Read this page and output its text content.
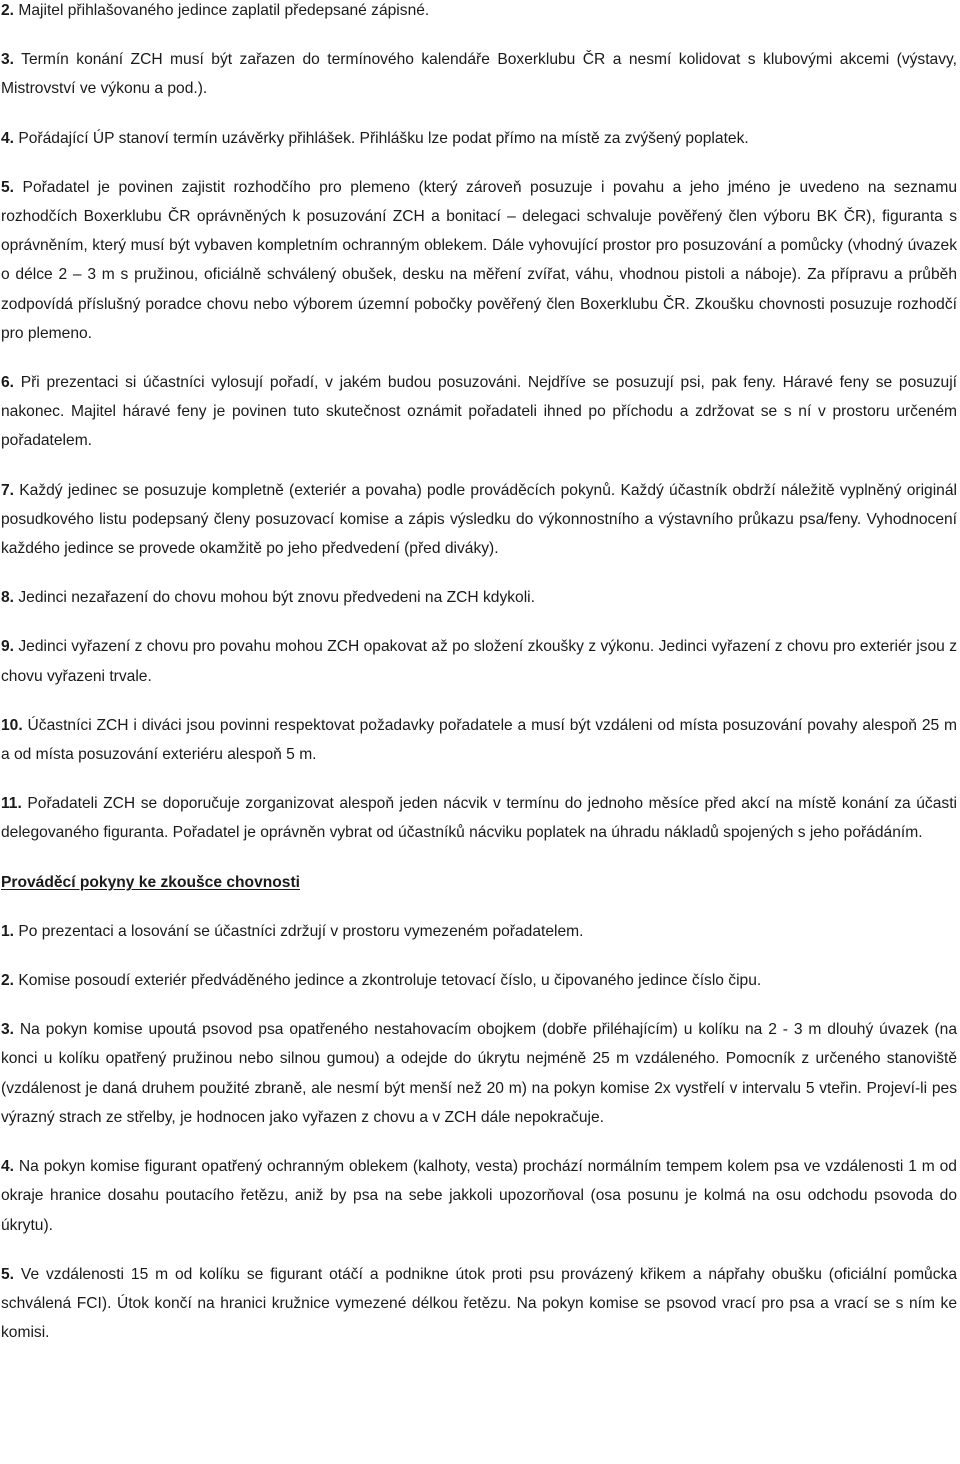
2. Majitel přihlašovaného jedince zaplatil předepsané zápisné.

3. Termín konání ZCH musí být zařazen do termínového kalendáře Boxerklubu ČR a nesmí kolidovat s klubovými akcemi (výstavy, Mistrovství ve výkonu a pod.).

4. Pořádající ÚP stanoví termín uzávěrky přihlášek. Přihlášku lze podat přímo na místě za zvýšený poplatek.

5. Pořadatel je povinen zajistit rozhodčího pro plemeno (který zároveň posuzuje i povahu a jeho jméno je uvedeno na seznamu rozhodčích Boxerklubu ČR oprávněných k posuzování ZCH a bonitací – delegaci schvaluje pověřený člen výboru BK ČR), figuranta s oprávněním, který musí být vybaven kompletním ochranným oblekem. Dále vyhovující prostor pro posuzování a pomůcky (vhodný úvazek o délce 2 – 3 m s pružinou, oficiálně schválený obušek, desku na měření zvířat, váhu, vhodnou pistoli a náboje). Za přípravu a průběh zodpovídá příslušný poradce chovu nebo výborem územní pobočky pověřený člen Boxerklubu ČR. Zkoušku chovnosti posuzuje rozhodčí pro plemeno.

6. Při prezentaci si účastníci vylosují pořadí, v jakém budou posuzováni. Nejdříve se posuzují psi, pak feny. Háravé feny se posuzují nakonec. Majitel háravé feny je povinen tuto skutečnost oznámit pořadateli ihned po příchodu a zdržovat se s ní v prostoru určeném pořadatelem.

7. Každý jedinec se posuzuje kompletně (exteriér a povaha) podle prováděcích pokynů. Každý účastník obdrží náležitě vyplněný originál posudkového listu podepsaný členy posuzovací komise a zápis výsledku do výkonnostního a výstavního průkazu psa/feny. Vyhodnocení každého jedince se provede okamžitě po jeho předvedení (před diváky).

8. Jedinci nezařazení do chovu mohou být znovu předvedeni na ZCH kdykoli.

9. Jedinci vyřazení z chovu pro povahu mohou ZCH opakovat až po složení zkoušky z výkonu. Jedinci vyřazení z chovu pro exteriér jsou z chovu vyřazeni trvale.

10. Účastníci ZCH i diváci jsou povinni respektovat požadavky pořadatele a musí být vzdáleni od místa posuzování povahy alespoň 25 m a od místa posuzování exteriéru alespoň 5 m.

11. Pořadateli ZCH se doporučuje zorganizovat alespoň jeden nácvik v termínu do jednoho měsíce před akcí na místě konání za účasti delegovaného figuranta. Pořadatel je oprávněn vybrat od účastníků nácviku poplatek na úhradu nákladů spojených s jeho pořádáním.

Prováděcí pokyny ke zkoušce chovnosti

1. Po prezentaci a losování se účastníci zdržují v prostoru vymezeném pořadatelem.

2. Komise posoudí exteriér předváděného jedince a zkontroluje tetovací číslo, u čipovaného jedince číslo čipu.

3. Na pokyn komise upoutá psovod psa opatřeného nestahovacím obojkem (dobře přiléhajícím) u kolíku na 2 - 3 m dlouhý úvazek (na konci u kolíku opatřený pružinou nebo silnou gumou) a odejde do úkrytu nejméně 25 m vzdáleného. Pomocník z určeného stanoviště (vzdálenost je daná druhem použité zbraně, ale nesmí být menší než 20 m) na pokyn komise 2x vystřelí v intervalu 5 vteřin. Projeví-li pes výrazný strach ze střelby, je hodnocen jako vyřazen z chovu a v ZCH dále nepokračuje.

4. Na pokyn komise figurant opatřený ochranným oblekem (kalhoty, vesta) prochází normálním tempem kolem psa ve vzdálenosti 1 m od okraje hranice dosahu poutacího řetězu, aniž by psa na sebe jakkoli upozorňoval (osa posunu je kolmá na osu odchodu psovoda do úkrytu).

5. Ve vzdálenosti 15 m od kolíku se figurant otáčí a podnikne útok proti psu provázený křikem a nápřahy obušku (oficiální pomůcka schválená FCI). Útok končí na hranici kružnice vymezené délkou řetězu. Na pokyn komise se psovod vrací pro psa a vrací se s ním ke komisi.
